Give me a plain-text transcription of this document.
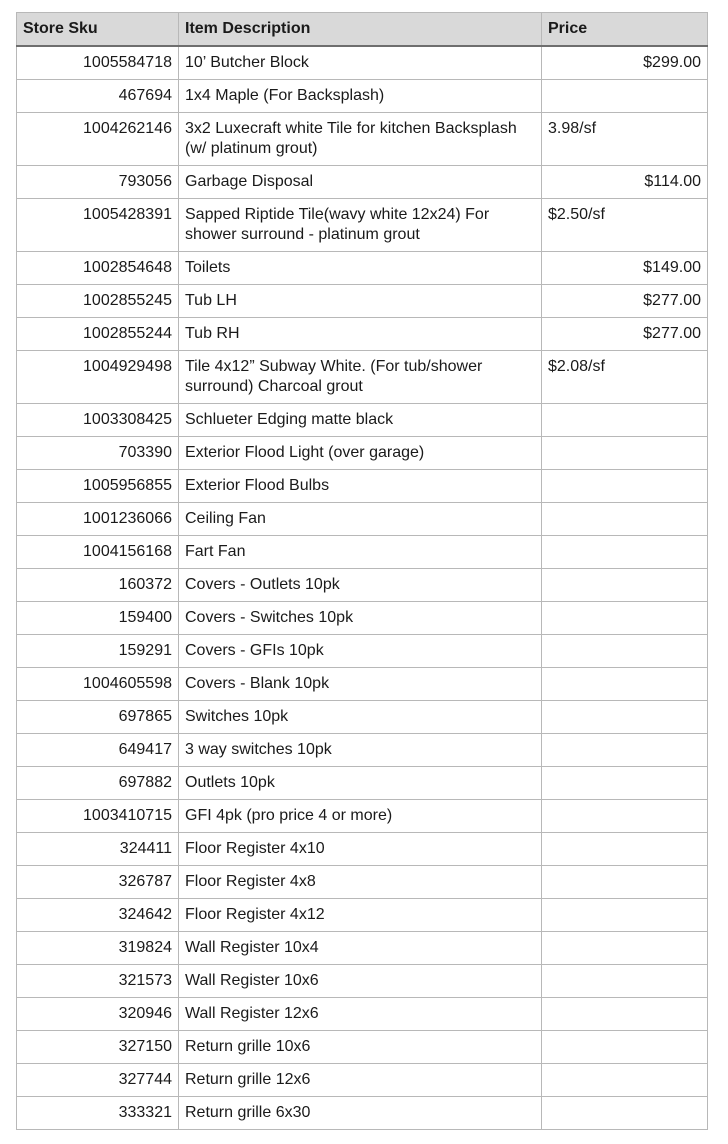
Store Sku	Item Description	Price
1005584718	10’ Butcher Block	$299.00
467694	1x4 Maple (For Backsplash)	
1004262146	3x2 Luxecraft white Tile for kitchen Backsplash (w/ platinum grout)	3.98/sf
793056	Garbage Disposal	$114.00
1005428391	Sapped Riptide Tile(wavy white 12x24) For shower surround - platinum grout	$2.50/sf
1002854648	Toilets	$149.00
1002855245	Tub LH	$277.00
1002855244	Tub RH	$277.00
1004929498	Tile 4x12” Subway White. (For tub/shower surround) Charcoal grout	$2.08/sf
1003308425	Schlueter Edging matte black	
703390	Exterior Flood Light (over garage)	
1005956855	Exterior Flood Bulbs	
1001236066	Ceiling Fan	
1004156168	Fart Fan	
160372	Covers - Outlets 10pk	
159400	Covers - Switches 10pk	
159291	Covers - GFIs 10pk	
1004605598	Covers - Blank 10pk	
697865	Switches 10pk	
649417	3 way switches 10pk	
697882	Outlets 10pk	
1003410715	GFI 4pk (pro price 4 or more)	
324411	Floor Register 4x10	
326787	Floor Register 4x8	
324642	Floor Register 4x12	
319824	Wall Register 10x4	
321573	Wall Register 10x6	
320946	Wall Register 12x6	
327150	Return grille 10x6	
327744	Return grille 12x6	
333321	Return grille 6x30	
